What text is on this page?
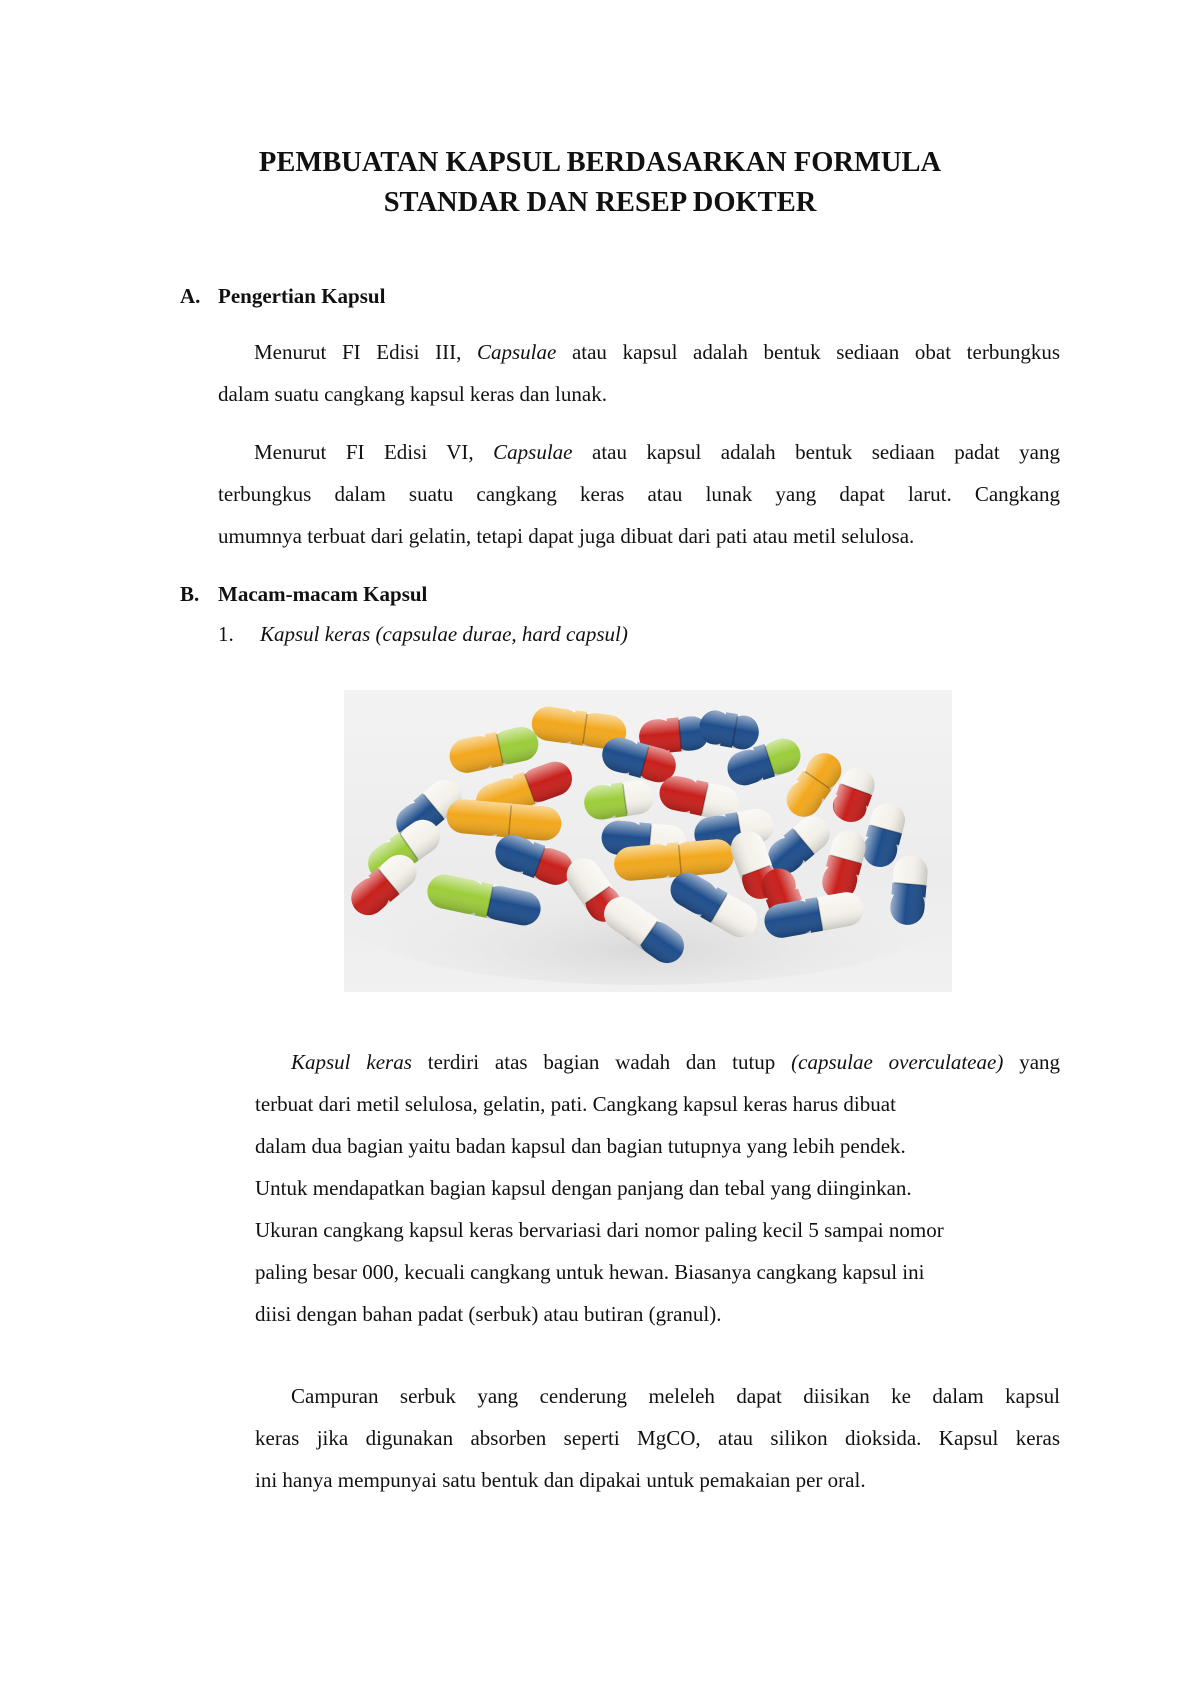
PEMBUATAN KAPSUL BERDASARKAN FORMULA
STANDAR DAN RESEP DOKTER
A. Pengertian Kapsul
Menurut FI Edisi III, Capsulae atau kapsul adalah bentuk sediaan obat terbungkus
dalam suatu cangkang kapsul keras dan lunak.
Menurut FI Edisi VI, Capsulae atau kapsul adalah bentuk sediaan padat yang
terbungkus dalam suatu cangkang keras atau lunak yang dapat larut. Cangkang
umumnya terbuat dari gelatin, tetapi dapat juga dibuat dari pati atau metil selulosa.
B. Macam-macam Kapsul
1. Kapsul keras (capsulae durae, hard capsul)
Kapsul keras terdiri atas bagian wadah dan tutup (capsulae overculateae) yang
terbuat dari metil selulosa, gelatin, pati. Cangkang kapsul keras harus dibuat
dalam dua bagian yaitu badan kapsul dan bagian tutupnya yang lebih pendek.
Untuk mendapatkan bagian kapsul dengan panjang dan tebal yang diinginkan.
Ukuran cangkang kapsul keras bervariasi dari nomor paling kecil 5 sampai nomor
paling besar 000, kecuali cangkang untuk hewan. Biasanya cangkang kapsul ini
diisi dengan bahan padat (serbuk) atau butiran (granul).
Campuran serbuk yang cenderung meleleh dapat diisikan ke dalam kapsul
keras jika digunakan absorben seperti MgCO, atau silikon dioksida. Kapsul keras
ini hanya mempunyai satu bentuk dan dipakai untuk pemakaian per oral.
